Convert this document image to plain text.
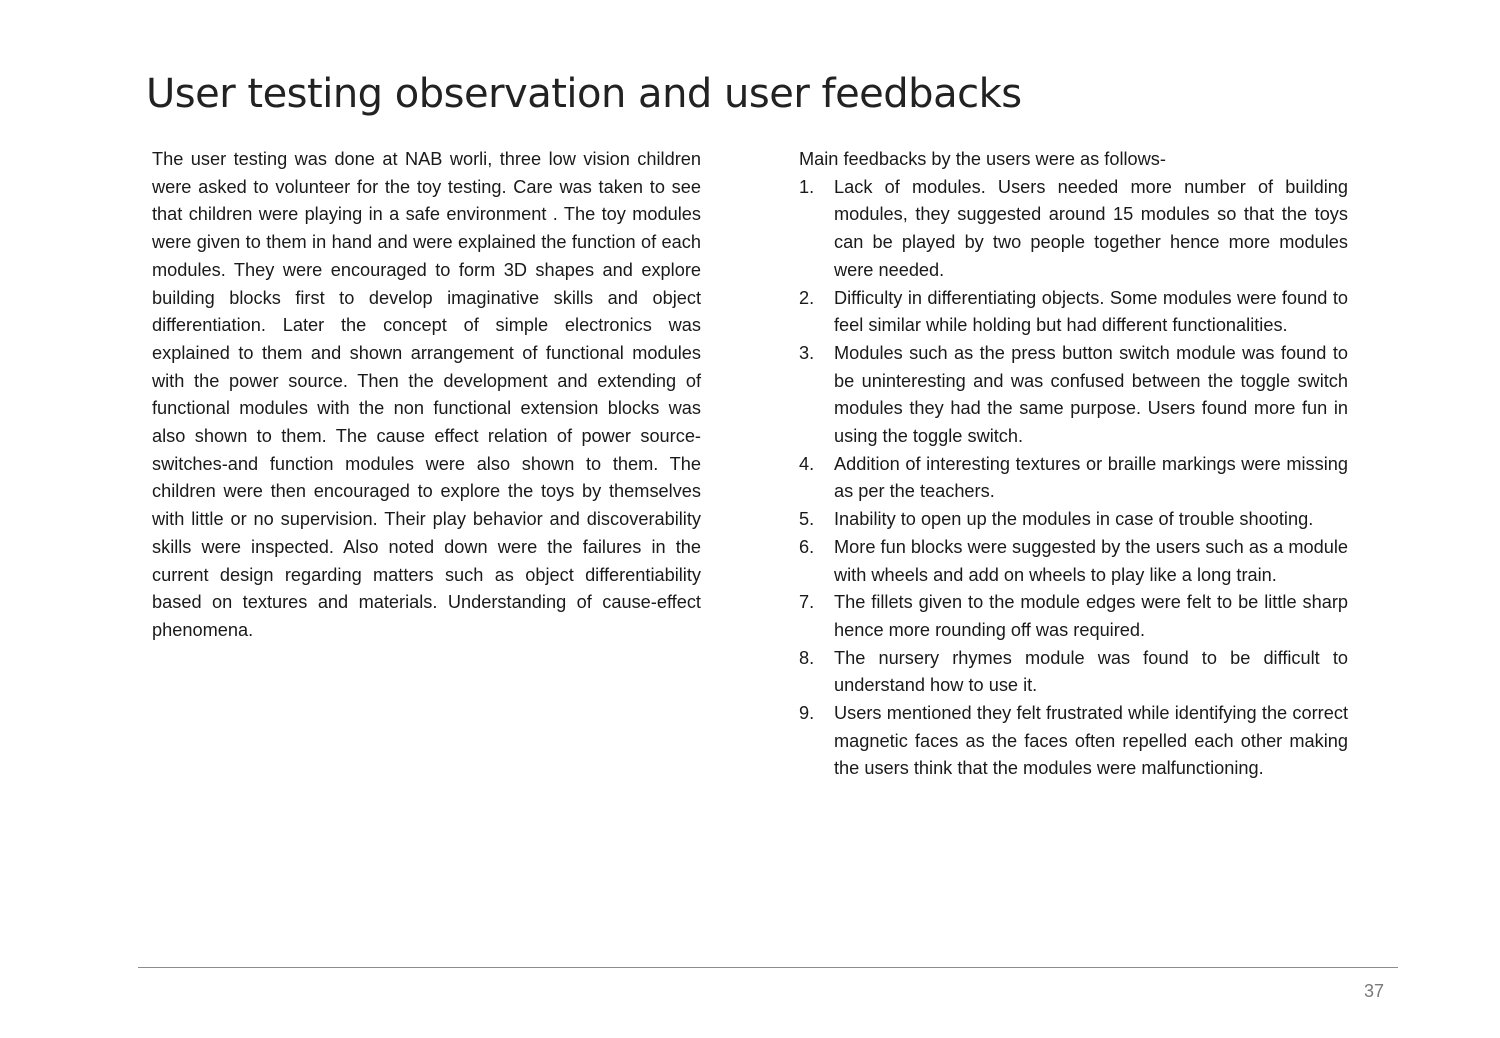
User testing observation and user feedbacks

The user testing was done at NAB worli, three low vision children were asked to volunteer for the toy testing. Care was taken to see that children were playing in a safe environment . The toy modules were given to them in hand and were explained the function of each modules. They were encouraged to form 3D shapes and explore building blocks first to develop imaginative skills and object differentiation. Later the concept of simple electronics was explained to them and shown arrangement of functional modules with the power source. Then the development and extending of functional modules with the non functional extension blocks was also shown to them. The cause effect relation of power source-switches-and function modules were also shown to them. The children were then encouraged to explore the toys by themselves with little or no supervision. Their play behavior and discoverability skills were inspected. Also noted down were the failures in the current design regarding matters such as object differentiability based on textures and materials. Understanding of cause-effect phenomena.

Main feedbacks by the users were as follows-

1. Lack of modules. Users needed more number of building modules, they suggested around 15 modules so that the toys can be played by two people together hence more modules were needed.
2. Difficulty in differentiating objects. Some modules were found to feel similar while holding but had different functionalities.
3. Modules such as the press button switch module was found to be uninteresting and was confused between the toggle switch modules they had the same purpose. Users found more fun in using the toggle switch.
4. Addition of interesting textures or braille markings were missing as per the teachers.
5. Inability to open up the modules in case of trouble shooting.
6. More fun blocks were suggested by the users such as a module with wheels and add on wheels to play like a long train.
7. The fillets given to the module edges were felt to be little sharp hence more rounding off was required.
8. The nursery rhymes module was found to be difficult to understand how to use it.
9. Users mentioned they felt frustrated while identifying the correct magnetic faces as the faces often repelled each other making the users think that the modules were malfunctioning.
37
